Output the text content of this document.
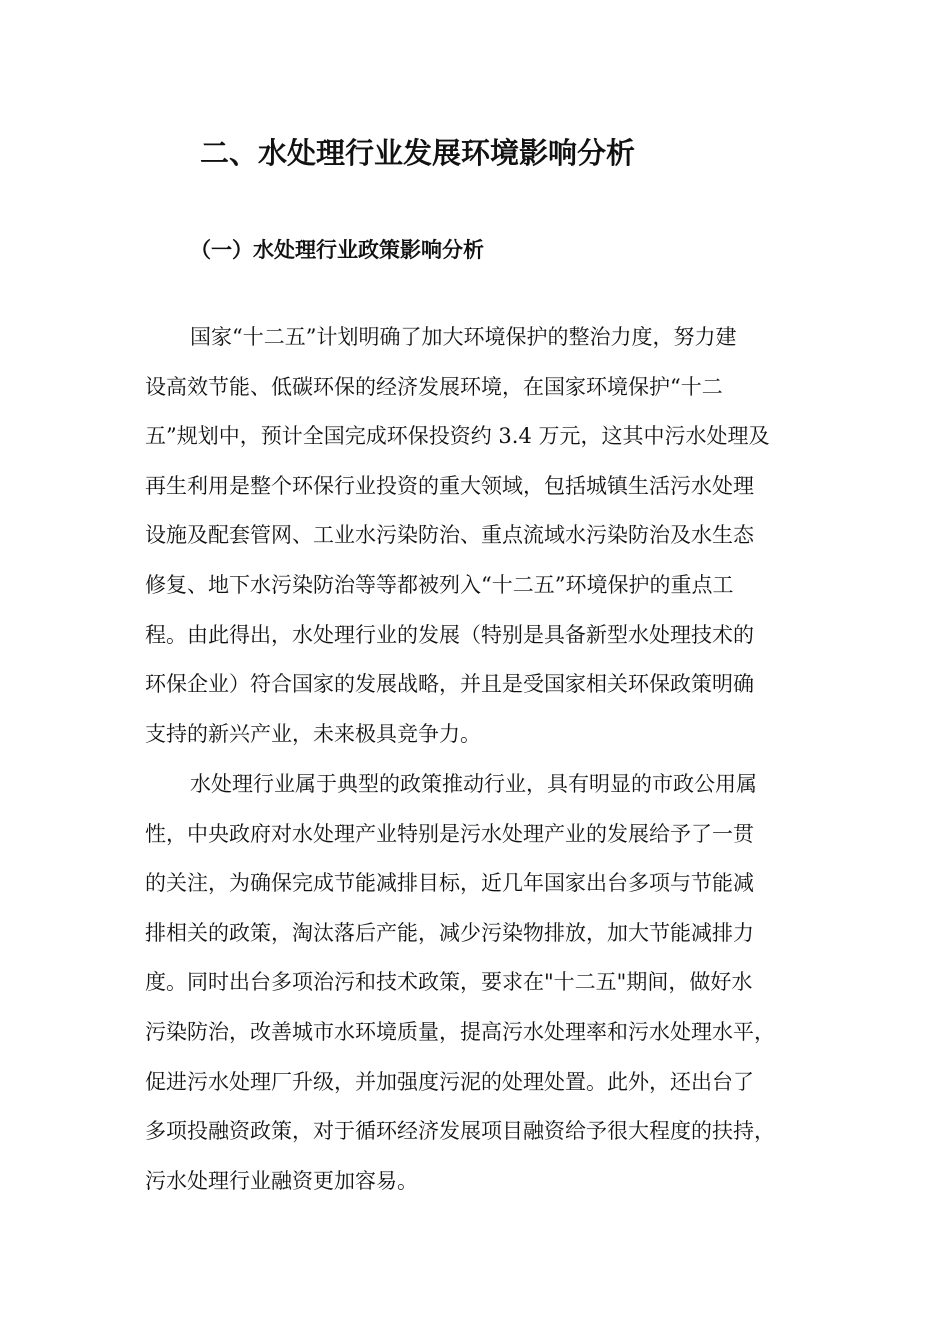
二、水处理行业发展环境影响分析
（一）水处理行业政策影响分析
国家“十二五”计划明确了加大环境保护的整治力度，努力建
设高效节能、低碳环保的经济发展环境，在国家环境保护“十二
五”规划中，预计全国完成环保投资约 3.4 万元，这其中污水处理及
再生利用是整个环保行业投资的重大领域，包括城镇生活污水处理
设施及配套管网、工业水污染防治、重点流域水污染防治及水生态
修复、地下水污染防治等等都被列入“十二五”环境保护的重点工
程。由此得出，水处理行业的发展（特别是具备新型水处理技术的
环保企业）符合国家的发展战略，并且是受国家相关环保政策明确
支持的新兴产业，未来极具竞争力。
水处理行业属于典型的政策推动行业，具有明显的市政公用属
性，中央政府对水处理产业特别是污水处理产业的发展给予了一贯
的关注，为确保完成节能减排目标，近几年国家出台多项与节能减
排相关的政策，淘汰落后产能，减少污染物排放，加大节能减排力
度。同时出台多项治污和技术政策，要求在"十二五"期间，做好水
污染防治，改善城市水环境质量，提高污水处理率和污水处理水平，
促进污水处理厂升级，并加强度污泥的处理处置。此外，还出台了
多项投融资政策，对于循环经济发展项目融资给予很大程度的扶持，
污水处理行业融资更加容易。
